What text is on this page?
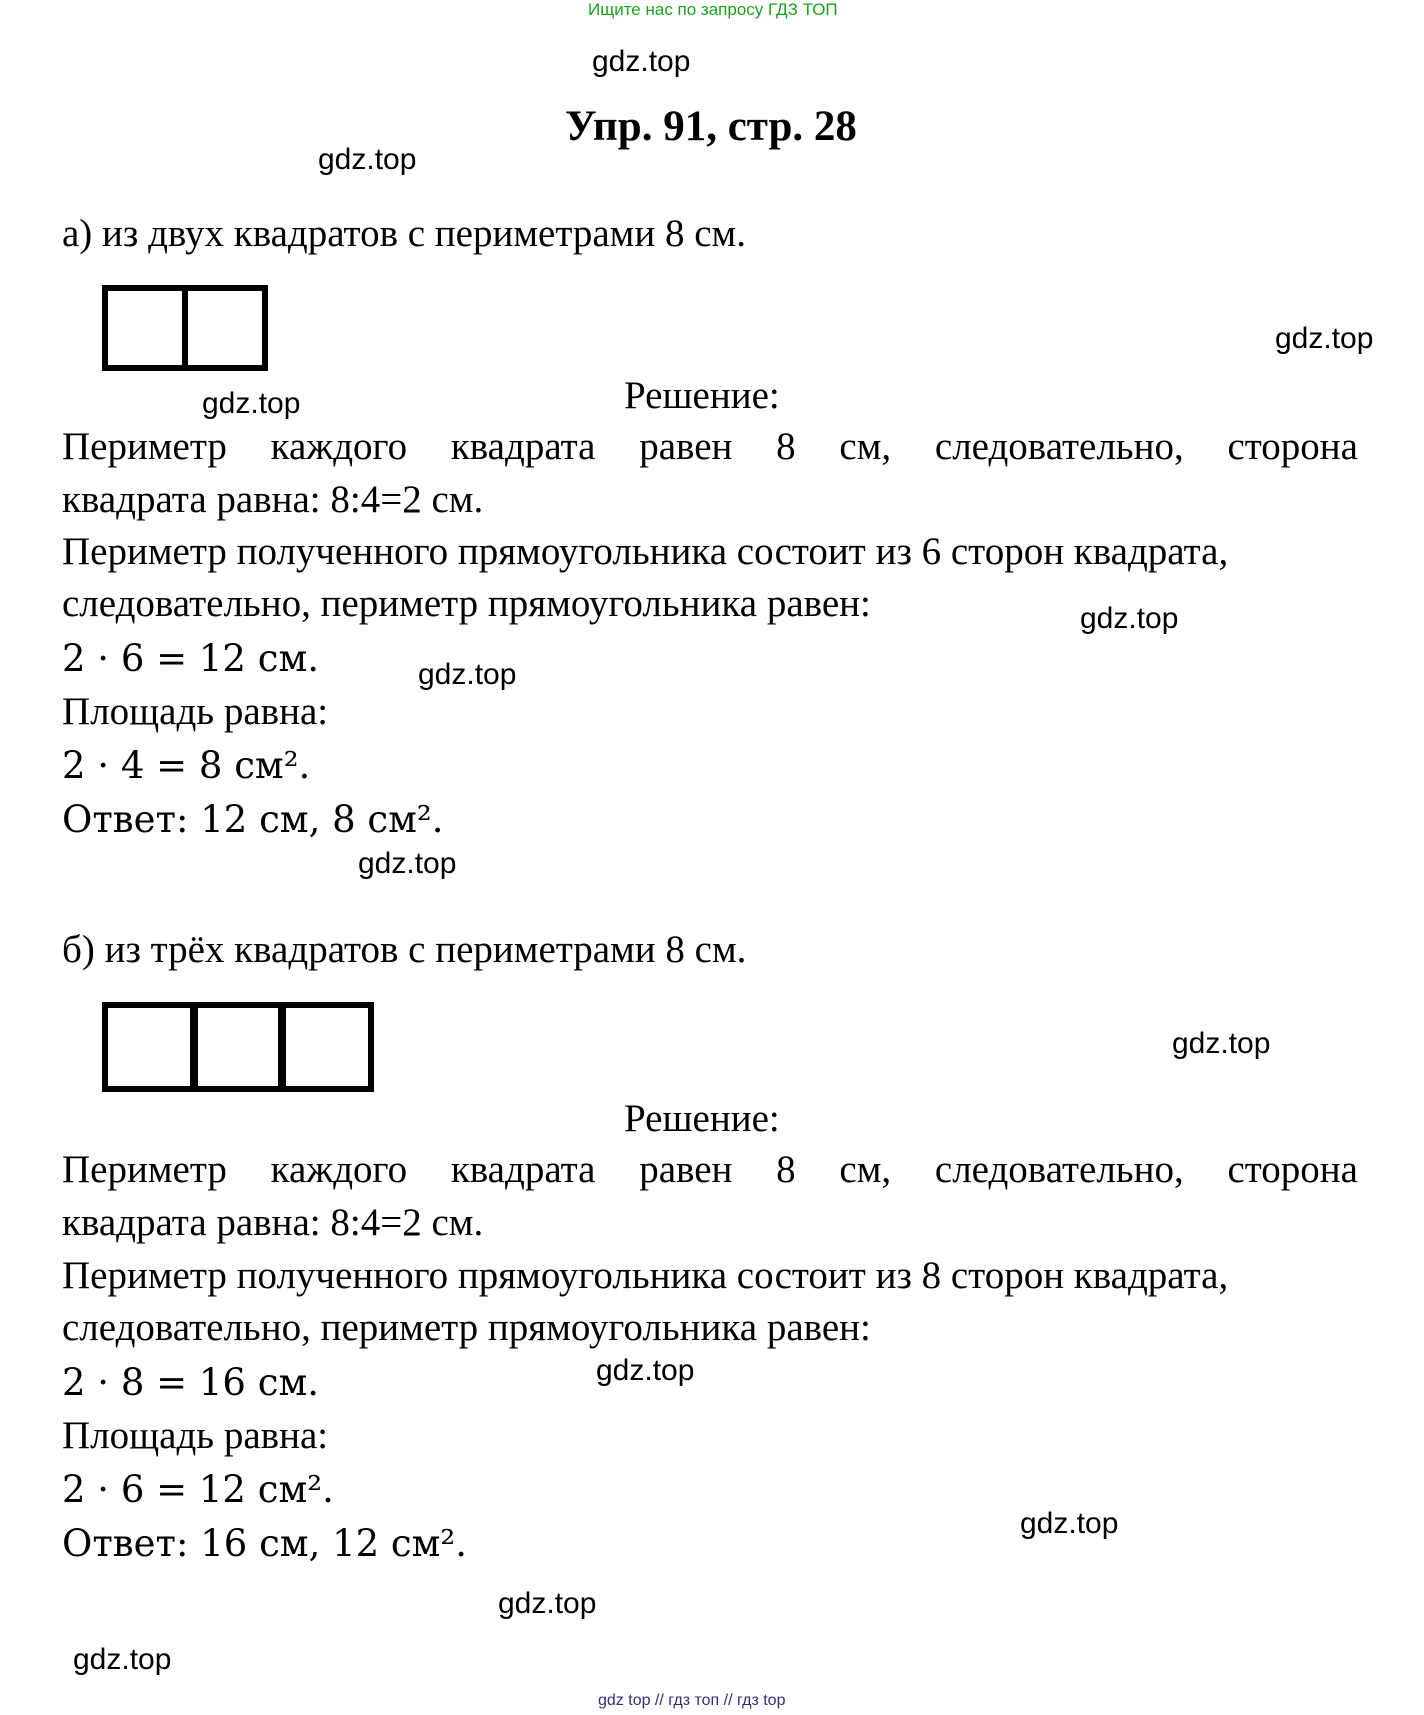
Ищите нас по запросу ГДЗ ТОП
Упр. 91, стр. 28
а) из двух квадратов с периметрами 8 см.
Решение:
Периметр каждого квадрата равен 8 см, следовательно, сторона
квадрата равна: 8:4=2 см.
Периметр полученного прямоугольника состоит из 6 сторон квадрата,
следовательно, периметр прямоугольника равен:
2 · 6 = 12 см.
Площадь равна:
2 · 4 = 8 см².
Ответ: 12 см, 8 см².
б) из трёх квадратов с периметрами 8 см.
Решение:
Периметр каждого квадрата равен 8 см, следовательно, сторона
квадрата равна: 8:4=2 см.
Периметр полученного прямоугольника состоит из 8 сторон квадрата,
следовательно, периметр прямоугольника равен:
2 · 8 = 16 см.
Площадь равна:
2 · 6 = 12 см².
Ответ: 16 см, 12 см².
gdz.top
gdz.top
gdz.top
gdz.top
gdz.top
gdz.top
gdz.top
gdz.top
gdz.top
gdz.top
gdz.top
gdz.top
gdz top // гдз топ // гдз top
